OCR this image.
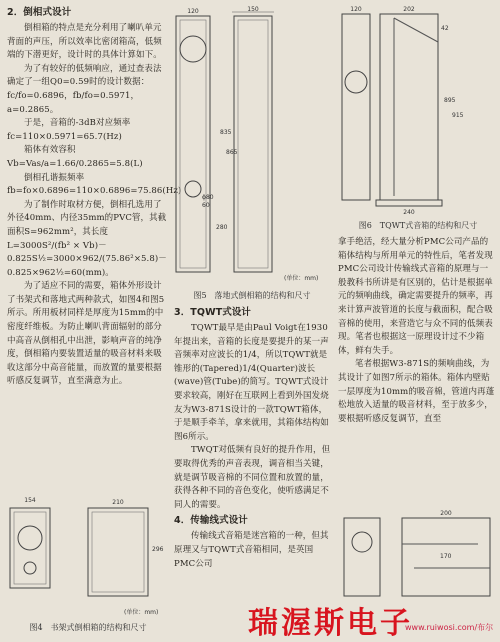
2．倒相式设计

倒相箱的特点是充分利用了喇叭单元背面的声压，所以效率比密闭箱高，低频端的下潜更好，设计时的具体计算如下。

为了有较好的低频响应，通过查表法确定了一组Q0=0.59时的设计数据：fc/fo=0.6896，fb/fo=0.5971，a=0.2865。

于是，音箱的-3dB对应频率fc=110×0.5971=65.7(Hz)

箱体有效容积Vb=Vas/a=1.66/0.2865=5.8(L)

倒相孔谐振频率fb=fo×0.6896=110×0.6896=75.86(Hz)

为了制作时取材方便，倒相孔选用了外径40mm、内径35mm的PVC管，其截面积S=962mm²，其长度L=3000S²/(fb² × Vb)－0.825S½=3000×962/(75.86²×5.8)－0.825×962½=60(mm)。

为了适应不同的需要，箱体外形设计了书架式和落地式两种款式，如图4和图5所示。所用板材同样是厚度为15mm的中密度纤维板。为防止喇叭背面辐射的部分中高音从倒相孔中出泄，影响声音的纯净度，倒相箱内要装置适量的吸音材料来吸收这部分中高音能量，而放置的量要根据听感反复调节，直至满意为止。

150
120
835
865
280
ϕ80
60
(单位：mm)
图5　落地式倒相箱的结构和尺寸
120	202
42
895
915
240
图6　TQWT式音箱的结构和尺寸
3．TQWT式设计

TQWT最早是由Paul Voigt在1930年提出来，音箱的长度是要提升的某一声音频率对应波长的1/4，所以TQWT就是锥形的(Tapered)1/4(Quarter)波长(wave)管(Tube)的简写。TQWT式设计要求较高，刚好在互联网上看到外国发烧友为W3-871S设计的一款TQWT箱体，于是顺手牵羊，拿来就用，其箱体结构如图6所示。

TWQT对低频有良好的提升作用，但要取得优秀的声音表现，调音相当关键，就是调节吸音棉的不同位置和放置的量，获得各种不同的音色变化，使听感满足不同人的需要。

4．传输线式设计

传输线式音箱是迷宫箱的一种，但其原理又与TQWT式音箱相同，是英国PMC公司

拿手绝活，经大量分析PMC公司产品的箱体结构与所用单元的特性后，笔者发现PMC公司设计传输线式音箱的原理与一般教科书所讲是有区别的，估计是根据单元的频响曲线，确定需要提升的频率，再来计算声波管道的长度与截面积，配合吸音棉的使用，来营造它与众不同的低频表现。笔者也根据这一原理设计过不少箱体，鲜有失手。

笔者根据W3-871S的频响曲线，为其设计了如图7所示的箱体。箱体内壁贴一层厚度为10mm的吸音棉，管道内再蓬松地放入适量的吸音材料，至于放多少，要根据听感反复调节，直至

154	210
296
(单位：mm)
图4　书架式倒相箱的结构和尺寸
200
170
瑞渥斯电子
www.ruiwosi.com/布尔
